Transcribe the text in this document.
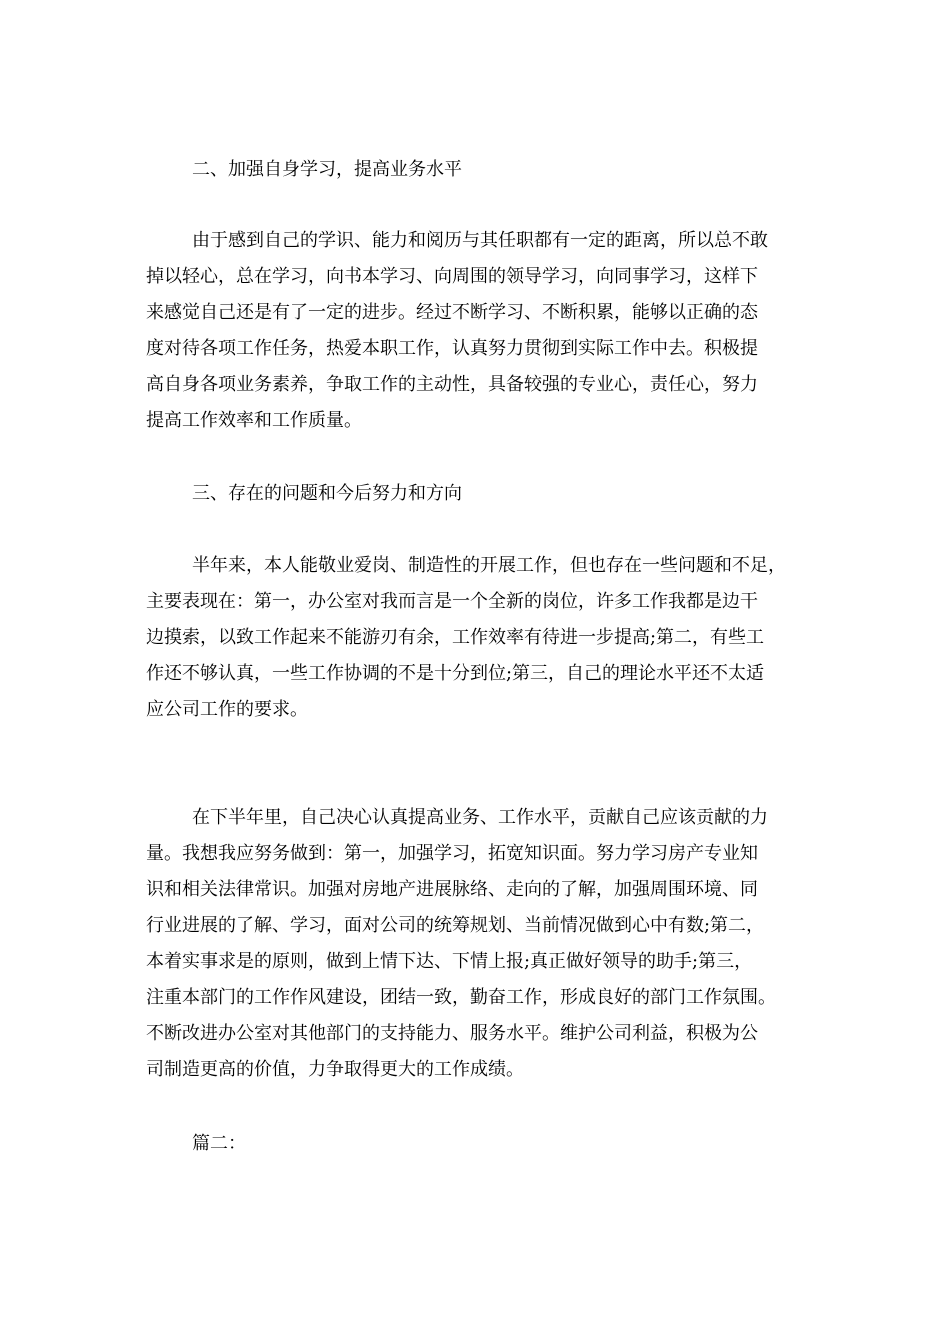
二、加强自身学习，提高业务水平

由于感到自己的学识、能力和阅历与其任职都有一定的距离，所以总不敢

掉以轻心，总在学习，向书本学习、向周围的领导学习，向同事学习，这样下

来感觉自己还是有了一定的进步。经过不断学习、不断积累，能够以正确的态

度对待各项工作任务，热爱本职工作，认真努力贯彻到实际工作中去。积极提

高自身各项业务素养，争取工作的主动性，具备较强的专业心，责任心，努力

提高工作效率和工作质量。

三、存在的问题和今后努力和方向

半年来，本人能敬业爱岗、制造性的开展工作，但也存在一些问题和不足，

主要表现在：第一，办公室对我而言是一个全新的岗位，许多工作我都是边干

边摸索，以致工作起来不能游刃有余，工作效率有待进一步提高;第二，有些工

作还不够认真，一些工作协调的不是十分到位;第三，自己的理论水平还不太适

应公司工作的要求。

在下半年里，自己决心认真提高业务、工作水平，贡献自己应该贡献的力

量。我想我应努务做到：第一，加强学习，拓宽知识面。努力学习房产专业知

识和相关法律常识。加强对房地产进展脉络、走向的了解，加强周围环境、同

行业进展的了解、学习，面对公司的统筹规划、当前情况做到心中有数;第二，

本着实事求是的原则，做到上情下达、下情上报;真正做好领导的助手;第三，

注重本部门的工作作风建设，团结一致，勤奋工作，形成良好的部门工作氛围。

不断改进办公室对其他部门的支持能力、服务水平。维护公司利益，积极为公

司制造更高的价值，力争取得更大的工作成绩。

篇二：
